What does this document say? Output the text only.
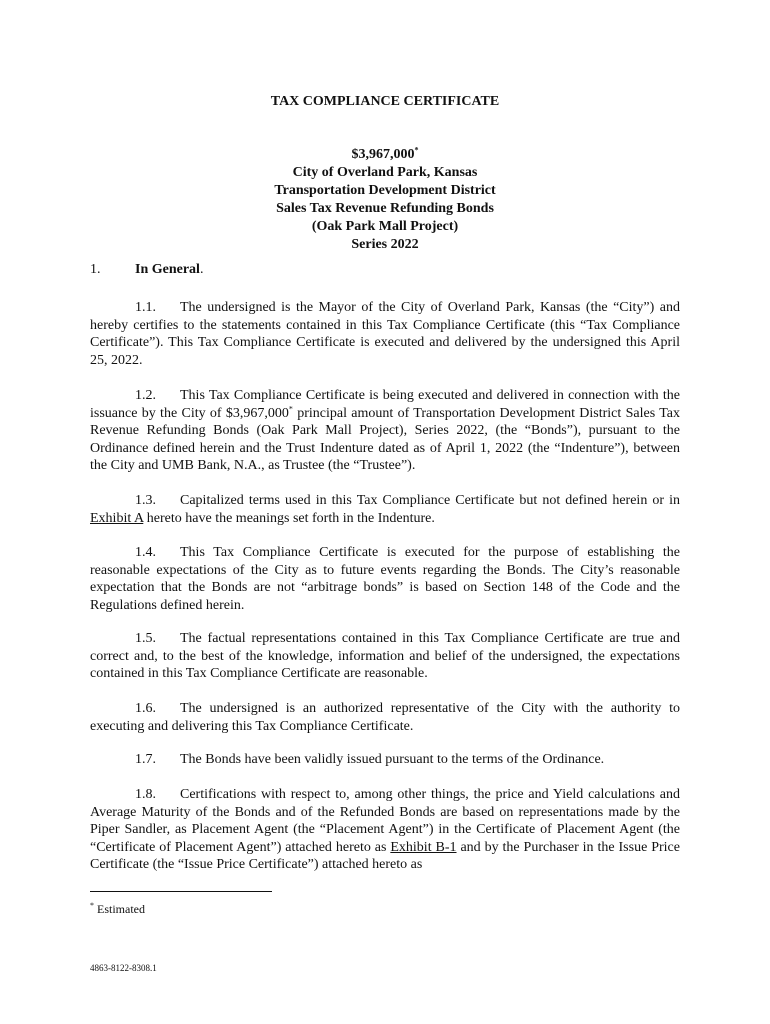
TAX COMPLIANCE CERTIFICATE
$3,967,000*
City of Overland Park, Kansas
Transportation Development District
Sales Tax Revenue Refunding Bonds
(Oak Park Mall Project)
Series 2022
1. In General.
1.1. The undersigned is the Mayor of the City of Overland Park, Kansas (the “City”) and hereby certifies to the statements contained in this Tax Compliance Certificate (this “Tax Compliance Certificate”). This Tax Compliance Certificate is executed and delivered by the undersigned this April 25, 2022.
1.2. This Tax Compliance Certificate is being executed and delivered in connection with the issuance by the City of $3,967,000* principal amount of Transportation Development District Sales Tax Revenue Refunding Bonds (Oak Park Mall Project), Series 2022, (the “Bonds”), pursuant to the Ordinance defined herein and the Trust Indenture dated as of April 1, 2022 (the “Indenture”), between the City and UMB Bank, N.A., as Trustee (the “Trustee”).
1.3. Capitalized terms used in this Tax Compliance Certificate but not defined herein or in Exhibit A hereto have the meanings set forth in the Indenture.
1.4. This Tax Compliance Certificate is executed for the purpose of establishing the reasonable expectations of the City as to future events regarding the Bonds. The City’s reasonable expectation that the Bonds are not “arbitrage bonds” is based on Section 148 of the Code and the Regulations defined herein.
1.5. The factual representations contained in this Tax Compliance Certificate are true and correct and, to the best of the knowledge, information and belief of the undersigned, the expectations contained in this Tax Compliance Certificate are reasonable.
1.6. The undersigned is an authorized representative of the City with the authority to executing and delivering this Tax Compliance Certificate.
1.7. The Bonds have been validly issued pursuant to the terms of the Ordinance.
1.8. Certifications with respect to, among other things, the price and Yield calculations and Average Maturity of the Bonds and of the Refunded Bonds are based on representations made by the Piper Sandler, as Placement Agent (the “Placement Agent”) in the Certificate of Placement Agent (the “Certificate of Placement Agent”) attached hereto as Exhibit B-1 and by the Purchaser in the Issue Price Certificate (the “Issue Price Certificate”) attached hereto as
* Estimated
4863-8122-8308.1
